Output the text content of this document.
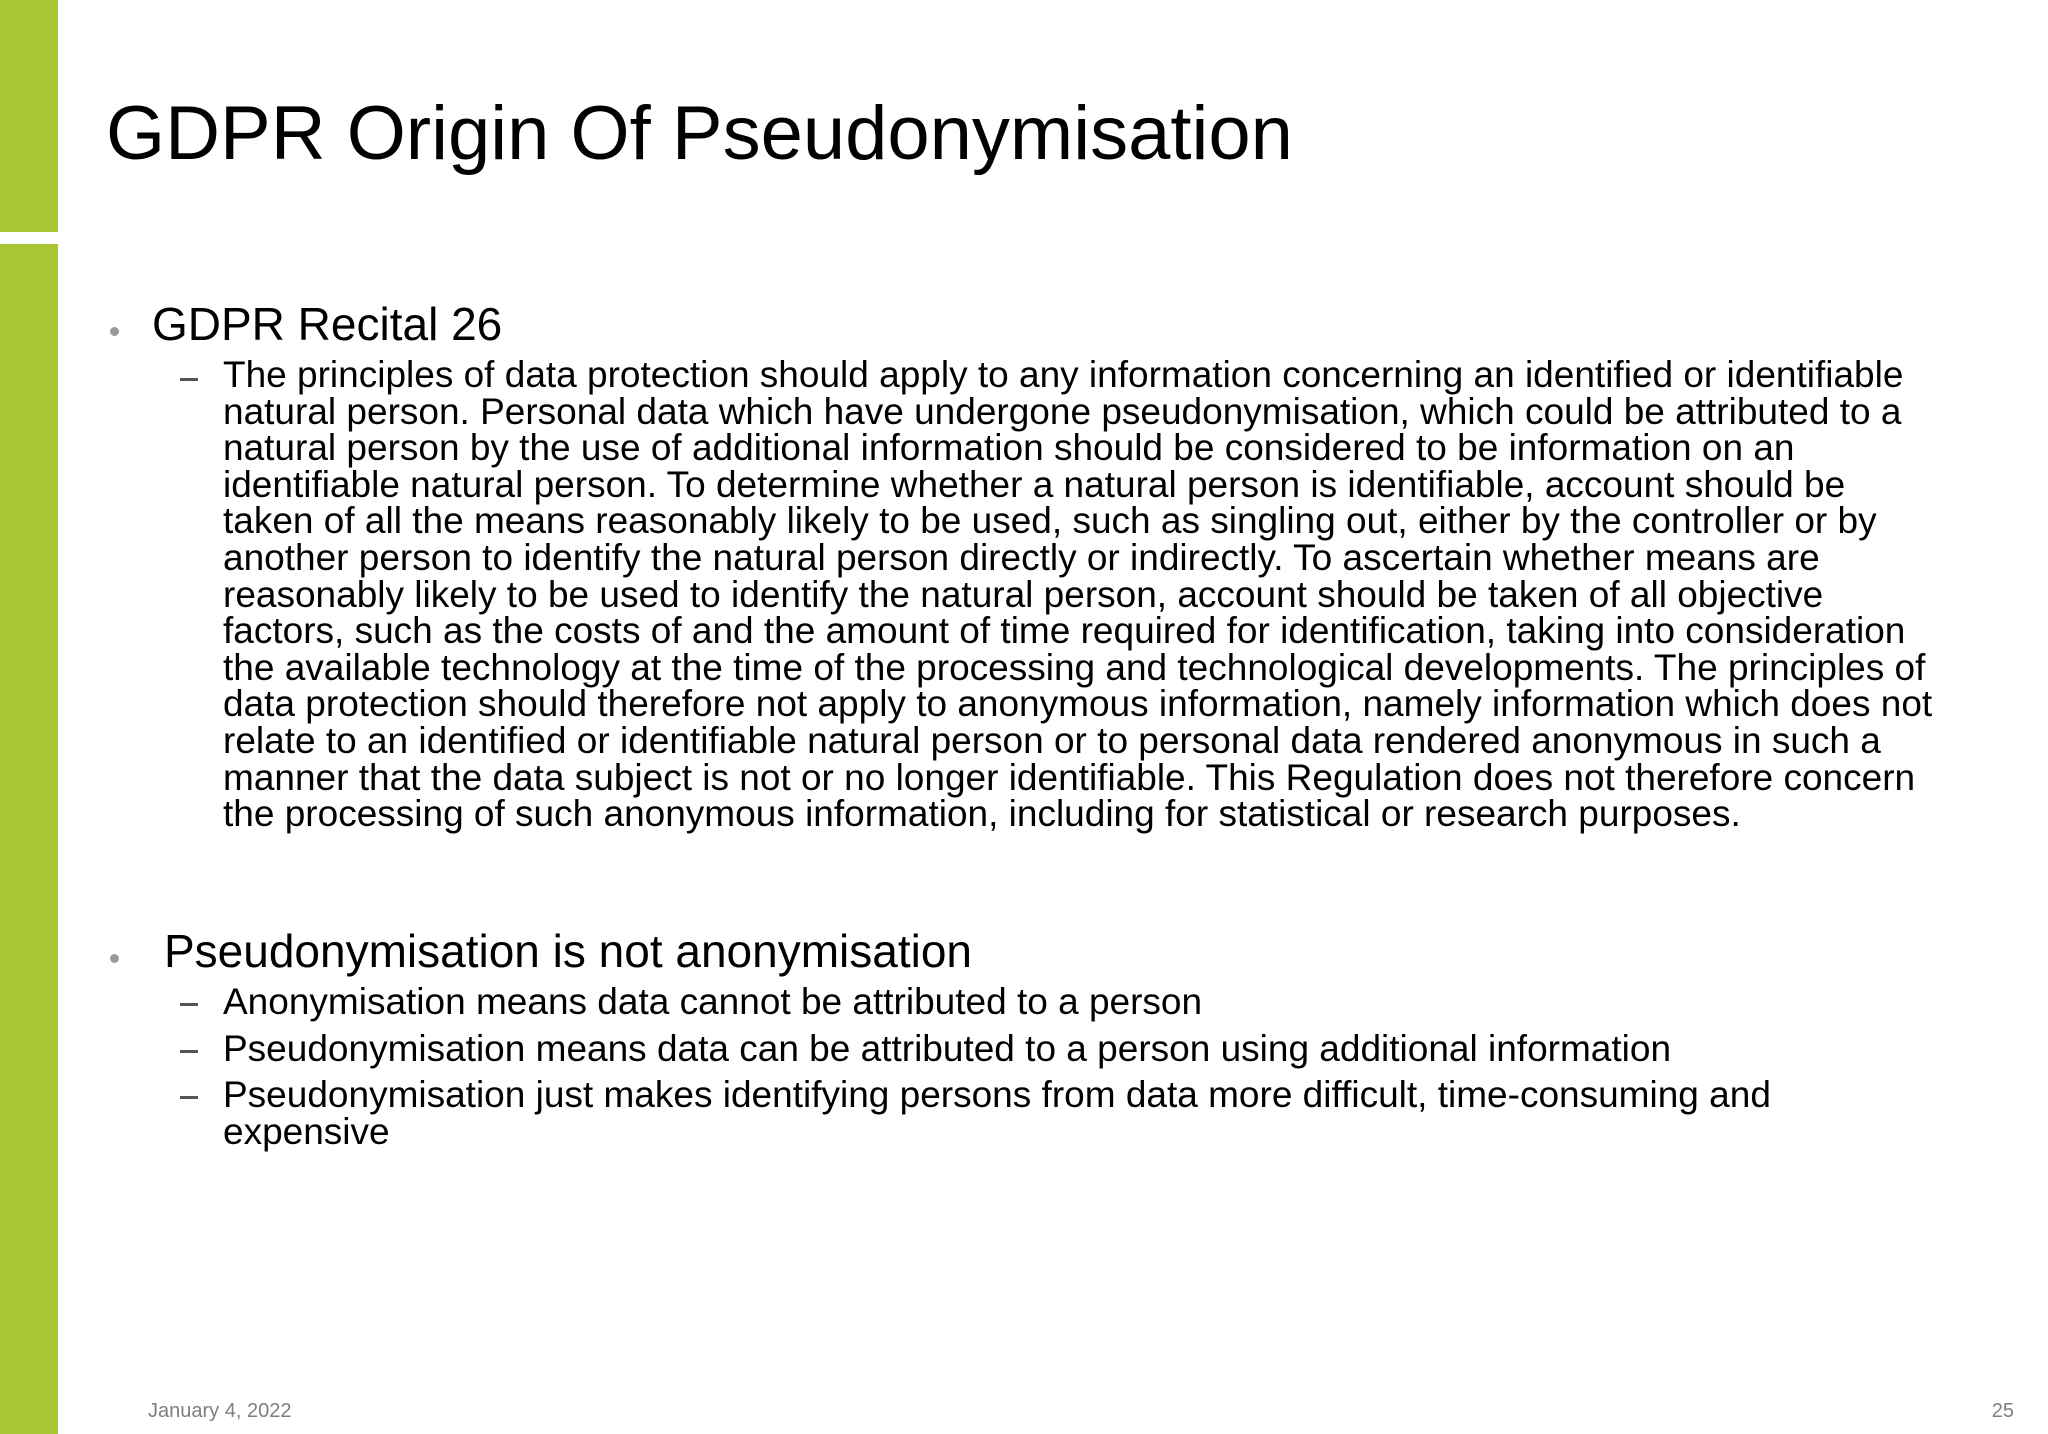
GDPR Origin Of Pseudonymisation
GDPR Recital 26

The principles of data protection should apply to any information concerning an identified or identifiable natural person. Personal data which have undergone pseudonymisation, which could be attributed to a natural person by the use of additional information should be considered to be information on an identifiable natural person. To determine whether a natural person is identifiable, account should be taken of all the means reasonably likely to be used, such as singling out, either by the controller or by another person to identify the natural person directly or indirectly. To ascertain whether means are reasonably likely to be used to identify the natural person, account should be taken of all objective factors, such as the costs of and the amount of time required for identification, taking into consideration the available technology at the time of the processing and technological developments. The principles of data protection should therefore not apply to anonymous information, namely information which does not relate to an identified or identifiable natural person or to personal data rendered anonymous in such a manner that the data subject is not or no longer identifiable. This Regulation does not therefore concern the processing of such anonymous information, including for statistical or research purposes.

Pseudonymisation is not anonymisation

Anonymisation means data cannot be attributed to a person

Pseudonymisation means data can be attributed to a person using additional information

Pseudonymisation just makes identifying persons from data more difficult, time-consuming and expensive

January 4, 2022	25
